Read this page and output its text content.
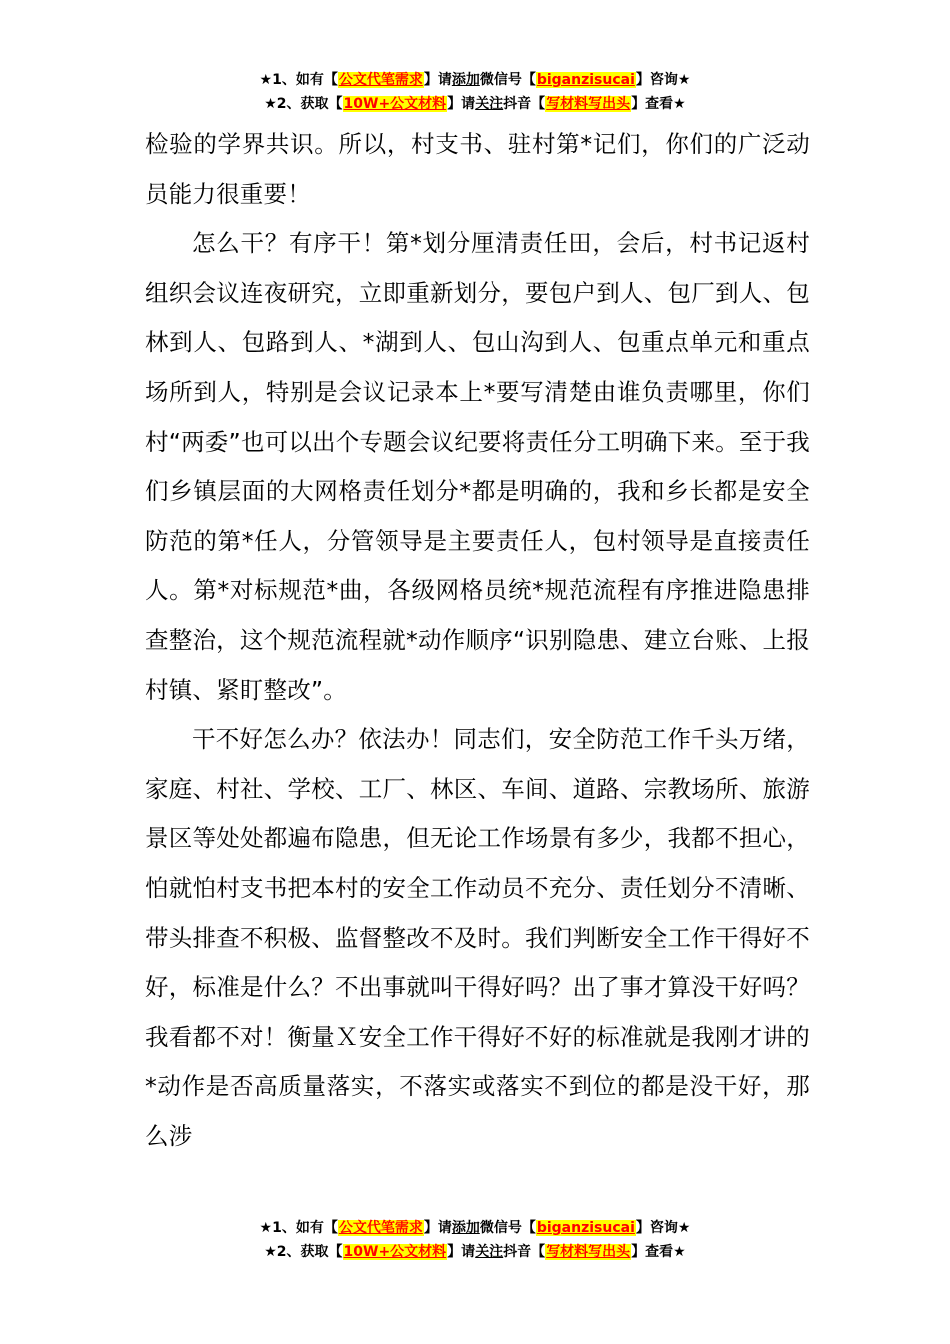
★1、如有【公文代笔需求】请添加微信号【biganzisucai】咨询★
★2、获取【10W+公文材料】请关注抖音【写材料写出头】查看★

检验的学界共识。所以，村支书、驻村第*记们，你们的广泛动员能力很重要！

怎么干？有序干！第*划分厘清责任田，会后，村书记返村组织会议连夜研究，立即重新划分，要包户到人、包厂到人、包林到人、包路到人、*湖到人、包山沟到人、包重点单元和重点场所到人，特别是会议记录本上*要写清楚由谁负责哪里，你们村“两委”也可以出个专题会议纪要将责任分工明确下来。至于我们乡镇层面的大网格责任划分*都是明确的，我和乡长都是安全防范的第*任人，分管领导是主要责任人，包村领导是直接责任人。第*对标规范*曲，各级网格员统*规范流程有序推进隐患排查整治，这个规范流程就*动作顺序“识别隐患、建立台账、上报村镇、紧盯整改”。

干不好怎么办？依法办！同志们，安全防范工作千头万绪，家庭、村社、学校、工厂、林区、车间、道路、宗教场所、旅游景区等处处都遍布隐患，但无论工作场景有多少，我都不担心，怕就怕村支书把本村的安全工作动员不充分、责任划分不清晰、带头排查不积极、监督整改不及时。我们判断安全工作干得好不好，标准是什么？不出事就叫干得好吗？出了事才算没干好吗？我看都不对！衡量Ｘ安全工作干得好不好的标准就是我刚才讲的*动作是否高质量落实，不落实或落实不到位的都是没干好，那么涉

★1、如有【公文代笔需求】请添加微信号【biganzisucai】咨询★
★2、获取【10W+公文材料】请关注抖音【写材料写出头】查看★
